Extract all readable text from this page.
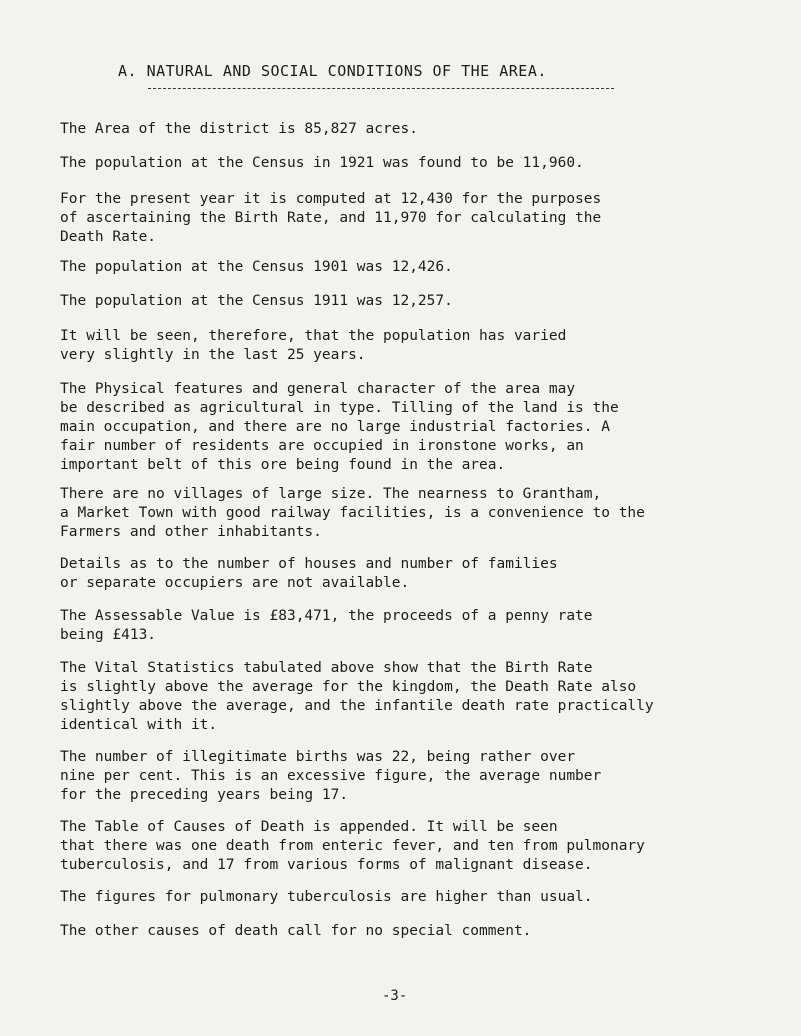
A. NATURAL AND SOCIAL CONDITIONS OF THE AREA.

The Area of the district is 85,827 acres.

The population at the Census in 1921 was found to be 11,960.

For the present year it is computed at 12,430 for the purposes
of ascertaining the Birth Rate, and 11,970 for calculating the
Death Rate.

The population at the Census 1901 was 12,426.

The population at the Census 1911 was 12,257.

It will be seen, therefore, that the population has varied
very slightly in the last 25 years.

The Physical features and general character of the area may
be described as agricultural in type. Tilling of the land is the
main occupation, and there are no large industrial factories. A
fair number of residents are occupied in ironstone works, an
important belt of this ore being found in the area.

There are no villages of large size. The nearness to Grantham,
a Market Town with good railway facilities, is a convenience to the
Farmers and other inhabitants.

Details as to the number of houses and number of families
or separate occupiers are not available.

The Assessable Value is £83,471, the proceeds of a penny rate
being £413.

The Vital Statistics tabulated above show that the Birth Rate
is slightly above the average for the kingdom, the Death Rate also
slightly above the average, and the infantile death rate practically
identical with it.

The number of illegitimate births was 22, being rather over
nine per cent. This is an excessive figure, the average number
for the preceding years being 17.

The Table of Causes of Death is appended. It will be seen
that there was one death from enteric fever, and ten from pulmonary
tuberculosis, and 17 from various forms of malignant disease.

The figures for pulmonary tuberculosis are higher than usual.

The other causes of death call for no special comment.

-3-
